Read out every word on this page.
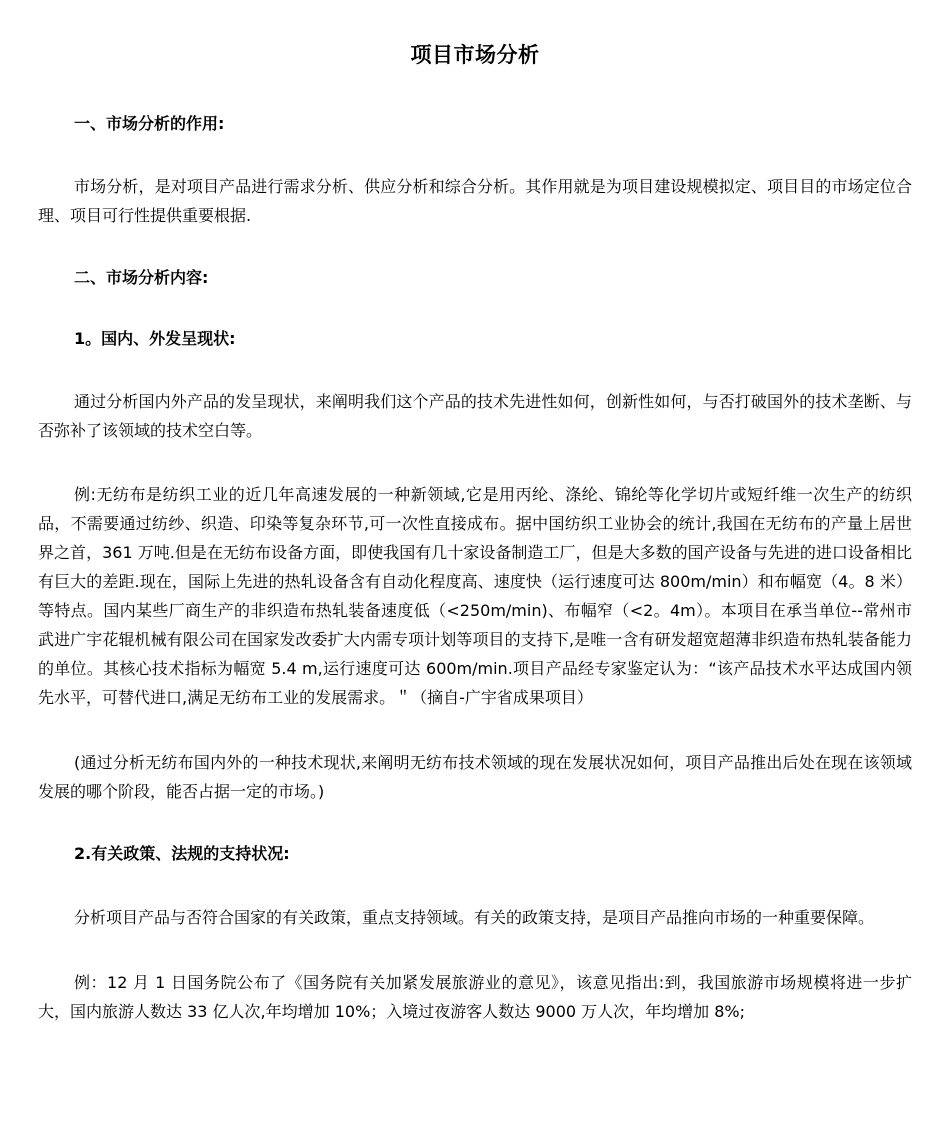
项目市场分析

一、市场分析的作用:

市场分析，是对项目产品进行需求分析、供应分析和综合分析。其作用就是为项目建设规模拟定、项目目的市场定位合理、项目可行性提供重要根据.

二、市场分析内容:

1。国内、外发呈现状:

通过分析国内外产品的发呈现状，来阐明我们这个产品的技术先进性如何，创新性如何，与否打破国外的技术垄断、与否弥补了该领域的技术空白等。

例:无纺布是纺织工业的近几年高速发展的一种新领域,它是用丙纶、涤纶、锦纶等化学切片或短纤维一次生产的纺织品，不需要通过纺纱、织造、印染等复杂环节,可一次性直接成布。据中国纺织工业协会的统计,我国在无纺布的产量上居世界之首，361 万吨.但是在无纺布设备方面，即使我国有几十家设备制造工厂，但是大多数的国产设备与先进的进口设备相比有巨大的差距.现在，国际上先进的热轧设备含有自动化程度高、速度快（运行速度可达 800m/min）和布幅宽（4。8 米）等特点。国内某些厂商生产的非织造布热轧装备速度低（<250m/min)、布幅窄（<2。4m）。本项目在承当单位--常州市武进广宇花辊机械有限公司在国家发改委扩大内需专项计划等项目的支持下,是唯一含有研发超宽超薄非织造布热轧装备能力的单位。其核心技术指标为幅宽 5.4 m,运行速度可达 600m/min.项目产品经专家鉴定认为：“该产品技术水平达成国内领先水平，可替代进口,满足无纺布工业的发展需求。＂（摘自-广宇省成果项目）

(通过分析无纺布国内外的一种技术现状,来阐明无纺布技术领域的现在发展状况如何，项目产品推出后处在现在该领域发展的哪个阶段，能否占据一定的市场。)

2.有关政策、法规的支持状况:

分析项目产品与否符合国家的有关政策，重点支持领域。有关的政策支持，是项目产品推向市场的一种重要保障。

例：12 月 1 日国务院公布了《国务院有关加紧发展旅游业的意见》，该意见指出:到，我国旅游市场规模将进一步扩大，国内旅游人数达 33 亿人次,年均增加 10%；入境过夜游客人数达 9000 万人次，年均增加 8%;
